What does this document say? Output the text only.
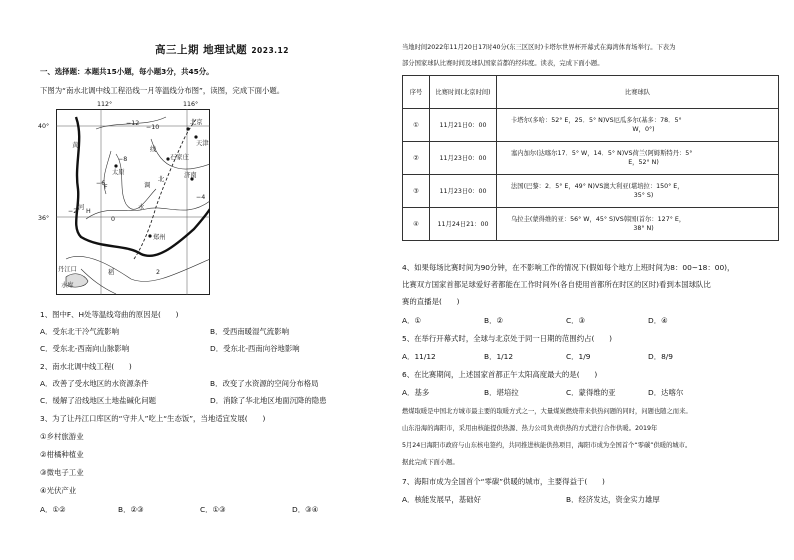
高三上期 地理试题 2023.12
一、选择题：本题共15小题，每小题3分，共45分。
下图为“南水北调中线工程沿线一月等温线分布图”，读图，完成下面小题。
112°	116°
40°
36°
−12
−10
−8
−6
−4
−2
0
2
黄
河
线
调
水
北
稻
F
H
北京
天津
石家庄
太原	济南
郑州
丹江口
水库
1、图中F、H处等温线弯曲的原因是(　　)
A．受东北干冷气流影响	B．受西南暖湿气流影响
C．受东北-西南向山脉影响	D．受东北-西南向谷地影响
2、南水北调中线工程(　　)
A．改善了受水地区的水资源条件	B．改变了水资源的空间分布格局
C．缓解了沿线地区土地盐碱化问题	D．消除了华北地区地面沉降的隐患
3、为了让丹江口库区的“守井人”吃上“生态饭”，当地适宜发展(　　)
①乡村旅游业
②柑橘种植业
③微电子工业
④光伏产业
A．①②	B．②③	C．①③	D．③④
当地时间2022年11月20日17时40分(东三区区时)卡塔尔世界杯开幕式在海湾体育场举行。下表为
部分国家球队比赛时间及球队国家首都的经纬度。读表，完成下面小题。
序号	比赛时间(北京时间)	比赛球队
①	11月21日0：00	卡塔尔(多哈：52° E，25．5° N)VS厄瓜多尔(基多：78．5°
W，0°)

②	11月23日0：00	塞内加尔(达喀尔17．5° W，14．5° N)VS荷兰(阿姆斯特丹：5°
E，52° N)

③	11月23日0：00	法国(巴黎：2．5° E，49° N)VS澳大利亚(堪培拉：150° E，
35° S)

④	11月24日21：00	乌拉圭(蒙得维的亚：56° W，45° S)VS韩国(首尔：127° E，
38° N)
4、如果每场比赛时间为90分钟，在不影响工作的情况下(假如每个地方上班时间为8：00~18：00)，
比赛双方国家首都足球爱好者都能在工作时间外(各自使用首都所在时区的区时)看到本国球队比
赛的直播是(　　)
A．①	B．②	C．③	D．④
5、在举行开幕式时，全球与北京处于同一日期的范围约占(　　)
A．11/12	B．1/12	C．1/9	D．8/9
6、在比赛期间，上述国家首都正午太阳高度最大的是(　　)
A．基多	B．堪培拉	C．蒙得维的亚	D．达喀尔
燃煤取暖是中国北方城市最主要的取暖方式之一，大量煤炭燃烧带来供热问题的同时，问题也随之而来。
山东沿海的海阳市，采用由核能提供热源、热力公司负责供热的方式进行合作供暖。2019年
5月24日海阳市政府与山东核电签约，共同推进核能供热项目，海阳市成为全国首个“零碳”供暖的城市。
据此完成下面小题。
7、海阳市成为全国首个“零碳”供暖的城市，主要得益于(　　)
A．核能发展早，基础好	B．经济发达，资金实力雄厚
